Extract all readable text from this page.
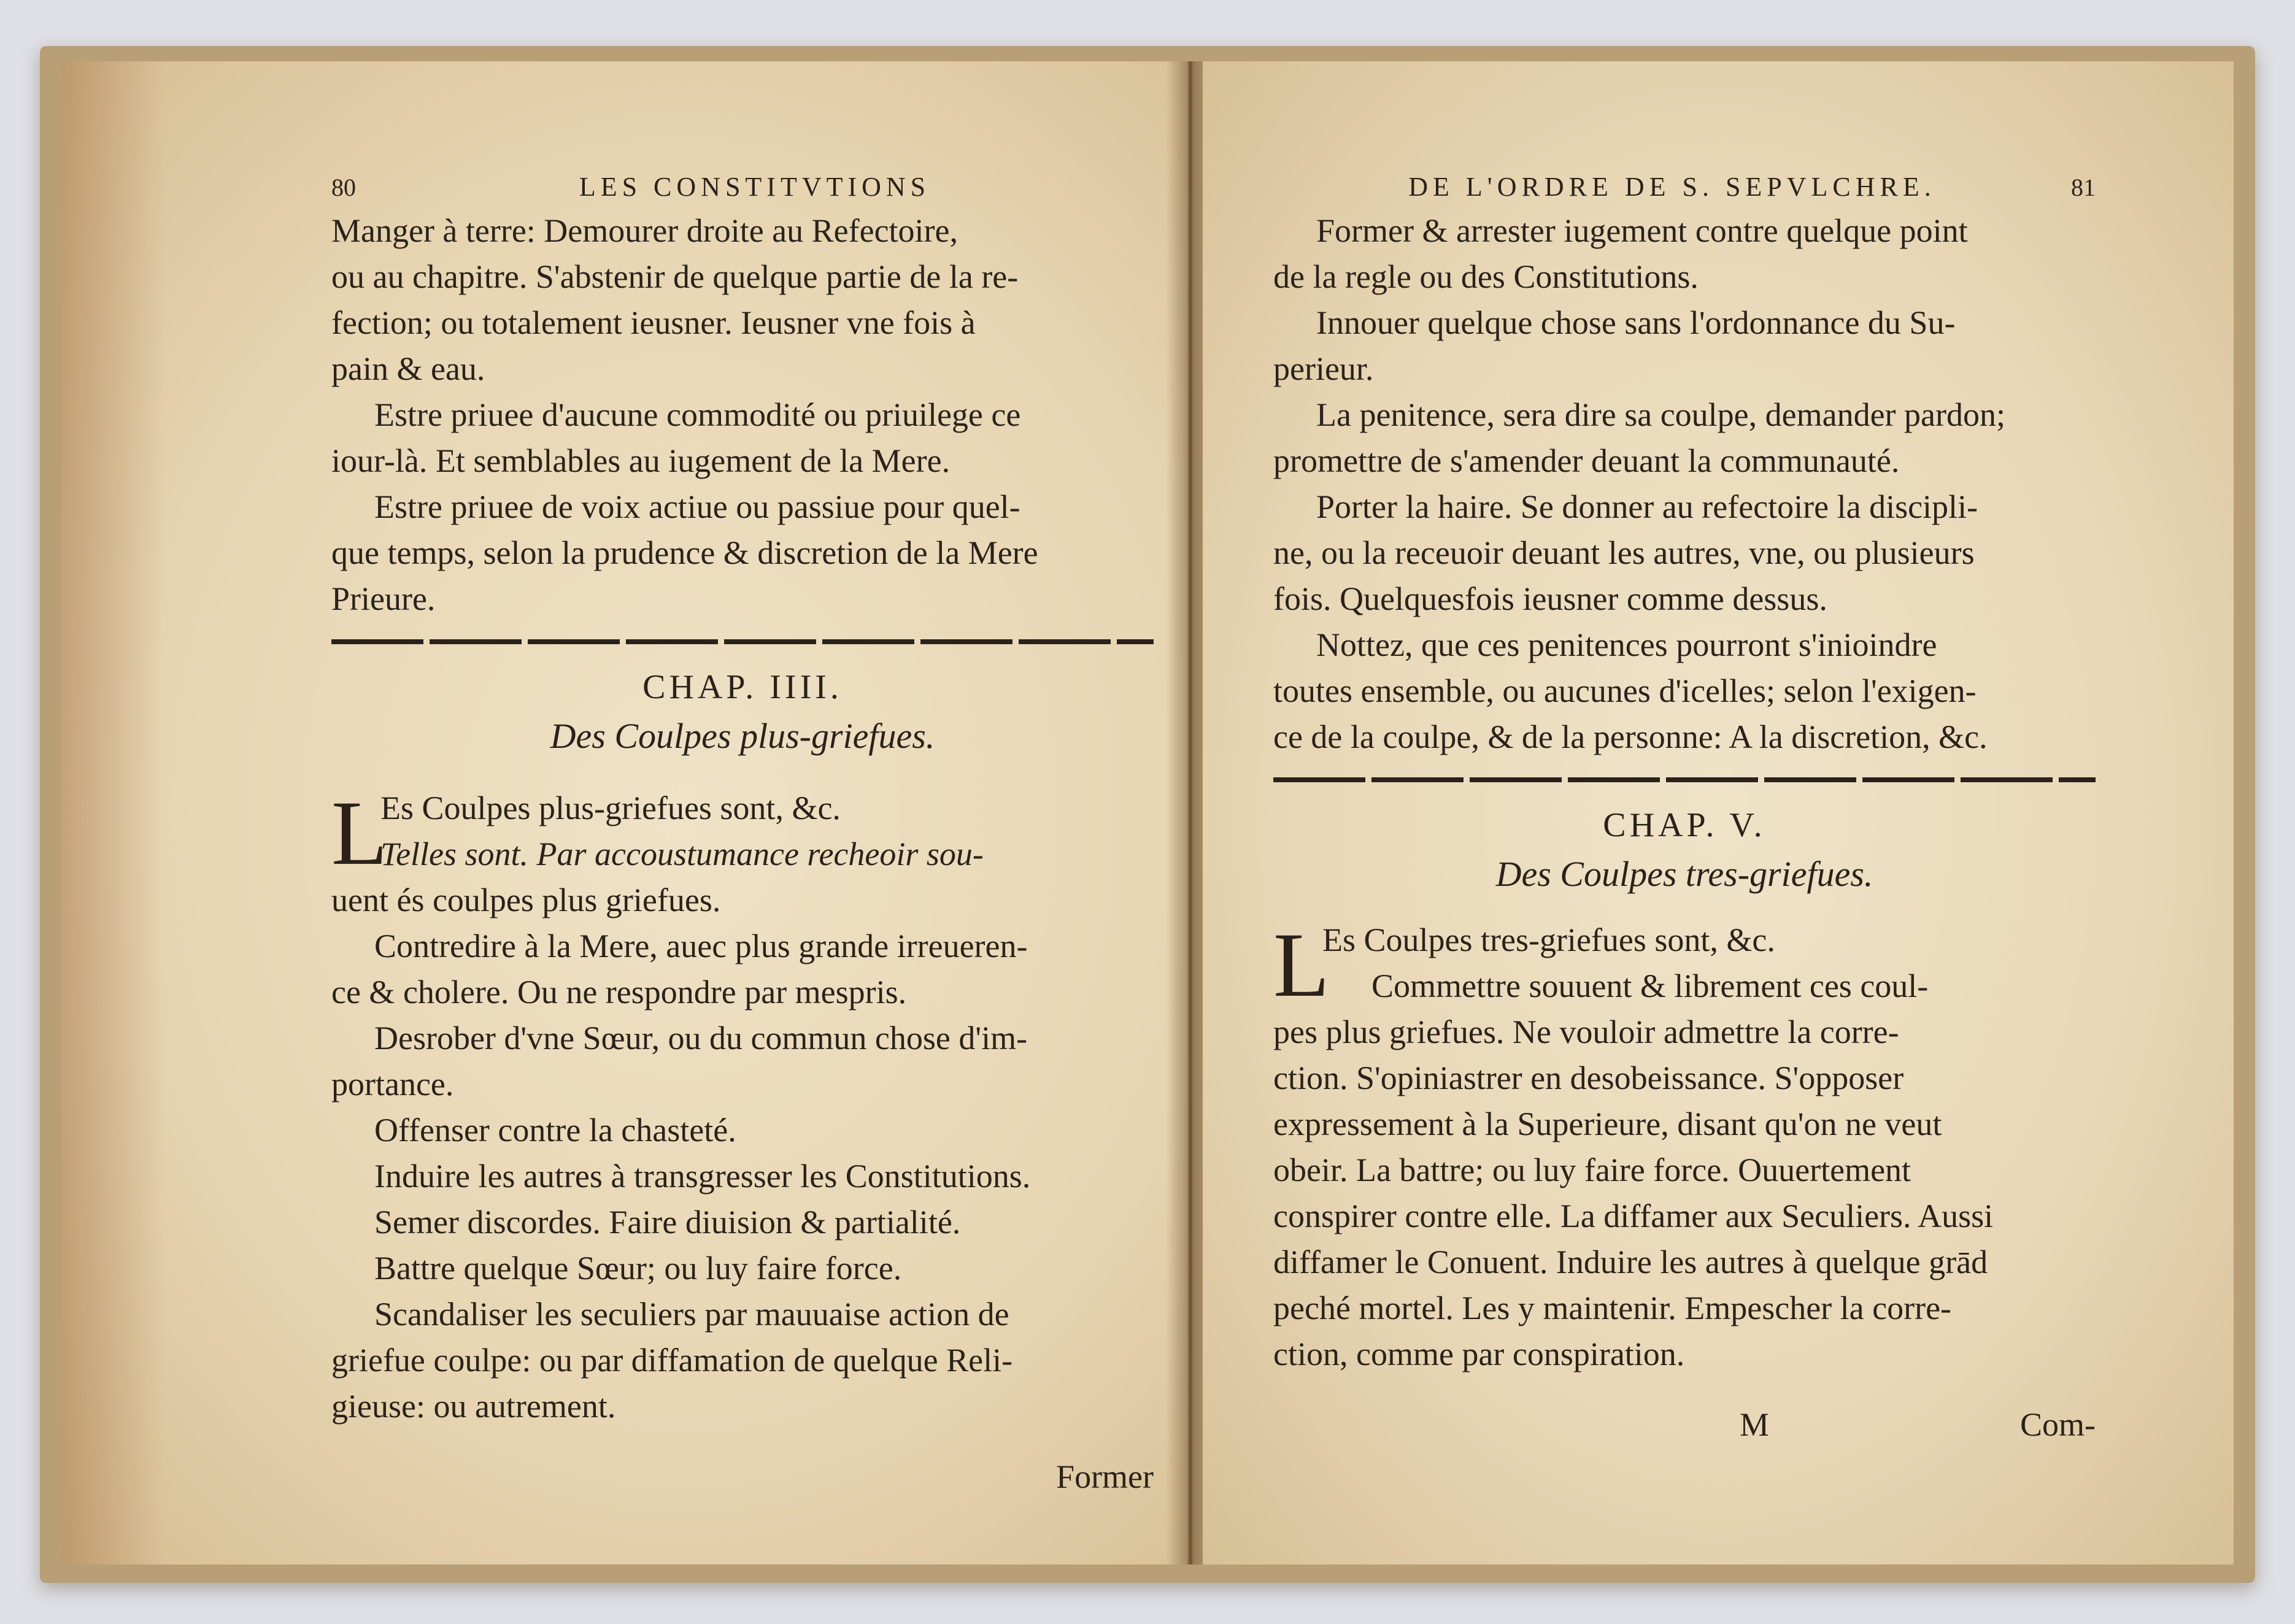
80	LES CONSTITVTIONS
Manger à terre: Demourer droite au Refectoire,
ou au chapitre. S'abstenir de quelque partie de la re-
fection; ou totalement ieusner. Ieusner vne fois à
pain & eau.
Estre priuee d'aucune commodité ou priuilege ce
iour-là. Et semblables au iugement de la Mere.
Estre priuee de voix actiue ou passiue pour quel-
que temps, selon la prudence & discretion de la Mere
Prieure.
CHAP. IIII.
Des Coulpes plus-griefues.
L
Es Coulpes plus-griefues sont, &c.
Telles sont. Par accoustumance recheoir sou-
uent és coulpes plus griefues.
Contredire à la Mere, auec plus grande irreueren-
ce & cholere. Ou ne respondre par mespris.
Desrober d'vne Sœur, ou du commun chose d'im-
portance.
Offenser contre la chasteté.
Induire les autres à transgresser les Constitutions.
Semer discordes. Faire diuision & partialité.
Battre quelque Sœur; ou luy faire force.
Scandaliser les seculiers par mauuaise action de
griefue coulpe: ou par diffamation de quelque Reli-
gieuse: ou autrement.
Former
DE L'ORDRE DE S. SEPVLCHRE.	81
Former & arrester iugement contre quelque point
de la regle ou des Constitutions.
Innouer quelque chose sans l'ordonnance du Su-
perieur.
La penitence, sera dire sa coulpe, demander pardon;
promettre de s'amender deuant la communauté.
Porter la haire. Se donner au refectoire la discipli-
ne, ou la receuoir deuant les autres, vne, ou plusieurs
fois. Quelquesfois ieusner comme dessus.
Nottez, que ces penitences pourront s'inioindre
toutes ensemble, ou aucunes d'icelles; selon l'exigen-
ce de la coulpe, & de la personne: A la discretion, &c.
CHAP. V.
Des Coulpes tres-griefues.
L
Es Coulpes tres-griefues sont, &c.
Commettre souuent & librement ces coul-
pes plus griefues. Ne vouloir admettre la corre-
ction. S'opiniastrer en desobeissance. S'opposer
expressement à la Superieure, disant qu'on ne veut
obeir. La battre; ou luy faire force. Ouuertement
conspirer contre elle. La diffamer aux Seculiers. Aussi
diffamer le Conuent. Induire les autres à quelque grād
peché mortel. Les y maintenir. Empescher la corre-
ction, comme par conspiration.
M	Com-
